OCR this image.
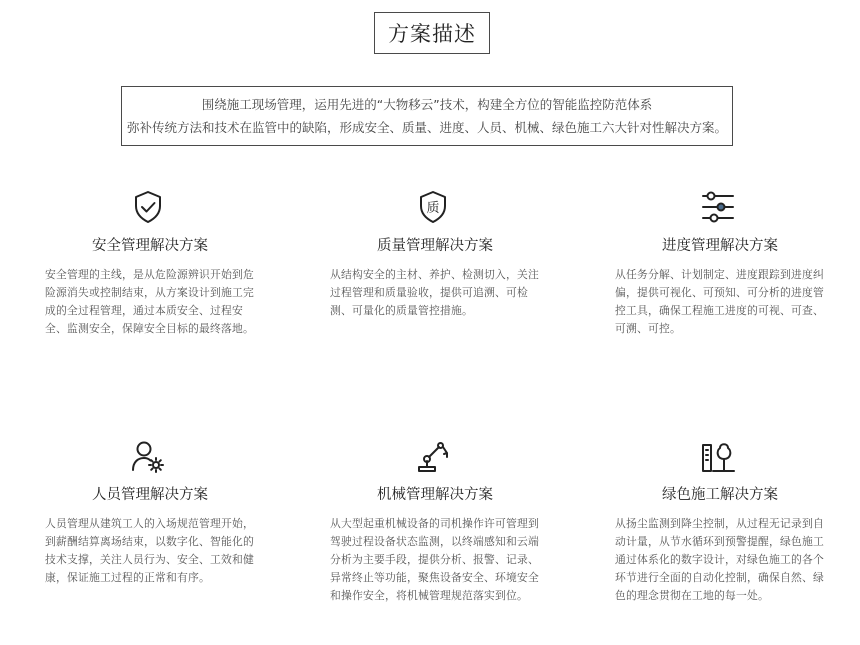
方案描述
围绕施工现场管理，运用先进的“大物移云”技术，构建全方位的智能监控防范体系
弥补传统方法和技术在监管中的缺陷，形成安全、质量、进度、人员、机械、绿色施工六大针对性解决方案。
安全管理解决方案
安全管理的主线，是从危险源辨识开始到危险源消失或控制结束，从方案设计到施工完成的全过程管理，通过本质安全、过程安全、监测安全，保障安全目标的最终落地。
质
质量管理解决方案
从结构安全的主材、养护、检测切入，关注过程管理和质量验收，提供可追溯、可检测、可量化的质量管控措施。
进度管理解决方案
从任务分解、计划制定、进度跟踪到进度纠偏，提供可视化、可预知、可分析的进度管控工具，确保工程施工进度的可视、可查、可溯、可控。
人员管理解决方案
人员管理从建筑工人的入场规范管理开始，到薪酬结算离场结束，以数字化、智能化的技术支撑，关注人员行为、安全、工效和健康，保证施工过程的正常和有序。
机械管理解决方案
从大型起重机械设备的司机操作许可管理到驾驶过程设备状态监测，以终端感知和云端分析为主要手段，提供分析、报警、记录、异常终止等功能，聚焦设备安全、环境安全和操作安全，将机械管理规范落实到位。
绿色施工解决方案
从扬尘监测到降尘控制，从过程无记录到自动计量，从节水循环到预警提醒，绿色施工通过体系化的数字设计，对绿色施工的各个环节进行全面的自动化控制，确保自然、绿色的理念贯彻在工地的每一处。
